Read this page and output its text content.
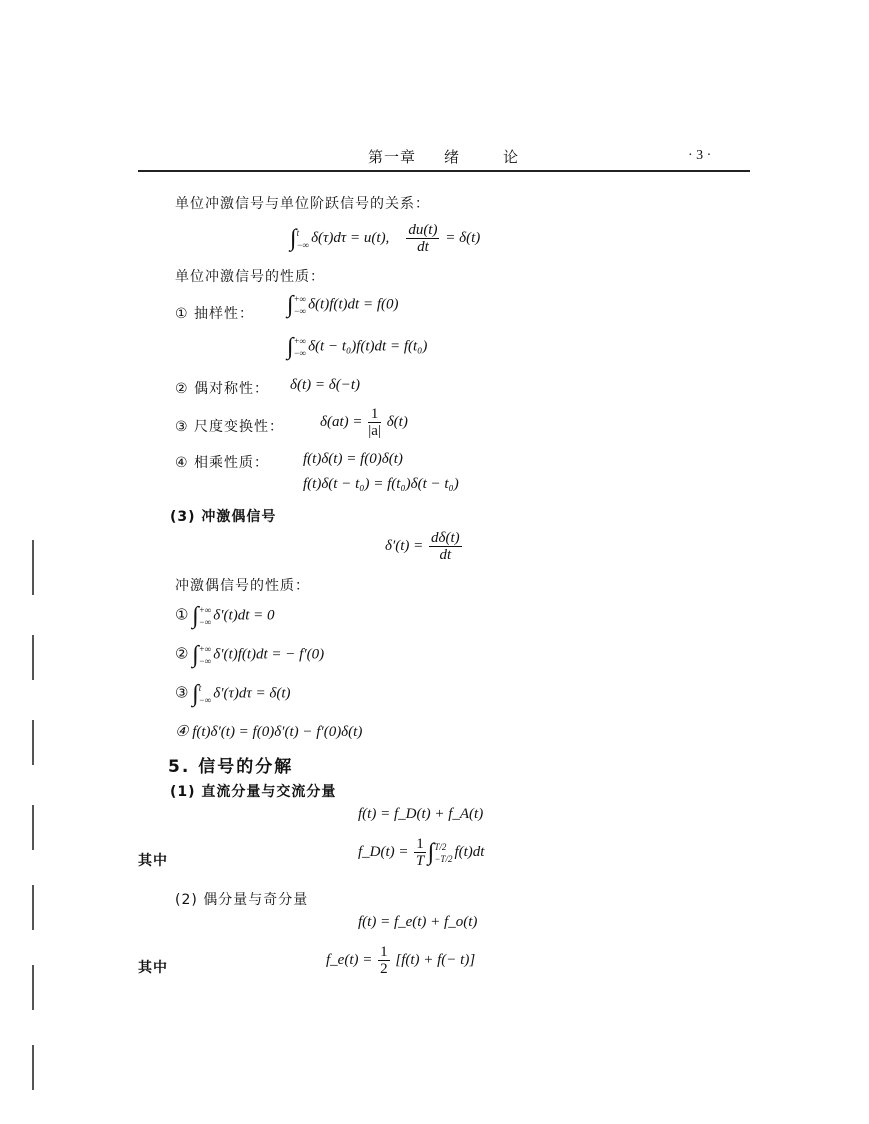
第一章 绪	论	· 3 ·
单位冲激信号与单位阶跃信号的关系：
∫ t
−∞ δ(τ)dτ = u(t), $\frac{du(t)}{dt} = \delta(t)$
单位冲激信号的性质：
① 抽样性： ∫ +∞
−∞ δ(t)f(t)dt = f(0)
∫ +∞
−∞ δ(t − t₀)f(t)dt = f(t₀)
② 偶对称性： δ(t) = δ(−t)
③ 尺度变换性： $\delta(at) = \frac{1}{|a|} \delta(t)$
④ 相乘性质： f(t)δ(t) = f(0)δ(t)
f(t)δ(t − t₀) = f(t₀)δ(t − t₀)
(3) 冲激偶信号
$\delta'(t) = \frac{d\delta(t)}{dt}$
冲激偶信号的性质：
① ∫ +∞
−∞ δ′(t)dt = 0
② ∫ +∞
−∞ δ′(t)f(t)dt = − f′(0)
③ ∫ t
−∞ δ′(τ)dτ = δ(t)
④ f(t)δ′(t) = f(0)δ′(t) − f′(0)δ(t)
5. 信号的分解
(1) 直流分量与交流分量
f(t) = f_D(t) + f_A(t)
其中
f_D(t) = $\frac{1}{T}$ ∫ T/2
−T/2 f(t)dt
(2) 偶分量与奇分量
f(t) = f_e(t) + f_o(t)
其中
f_e(t) = $\frac{1}{2} [f(t) + f(- t)]$
